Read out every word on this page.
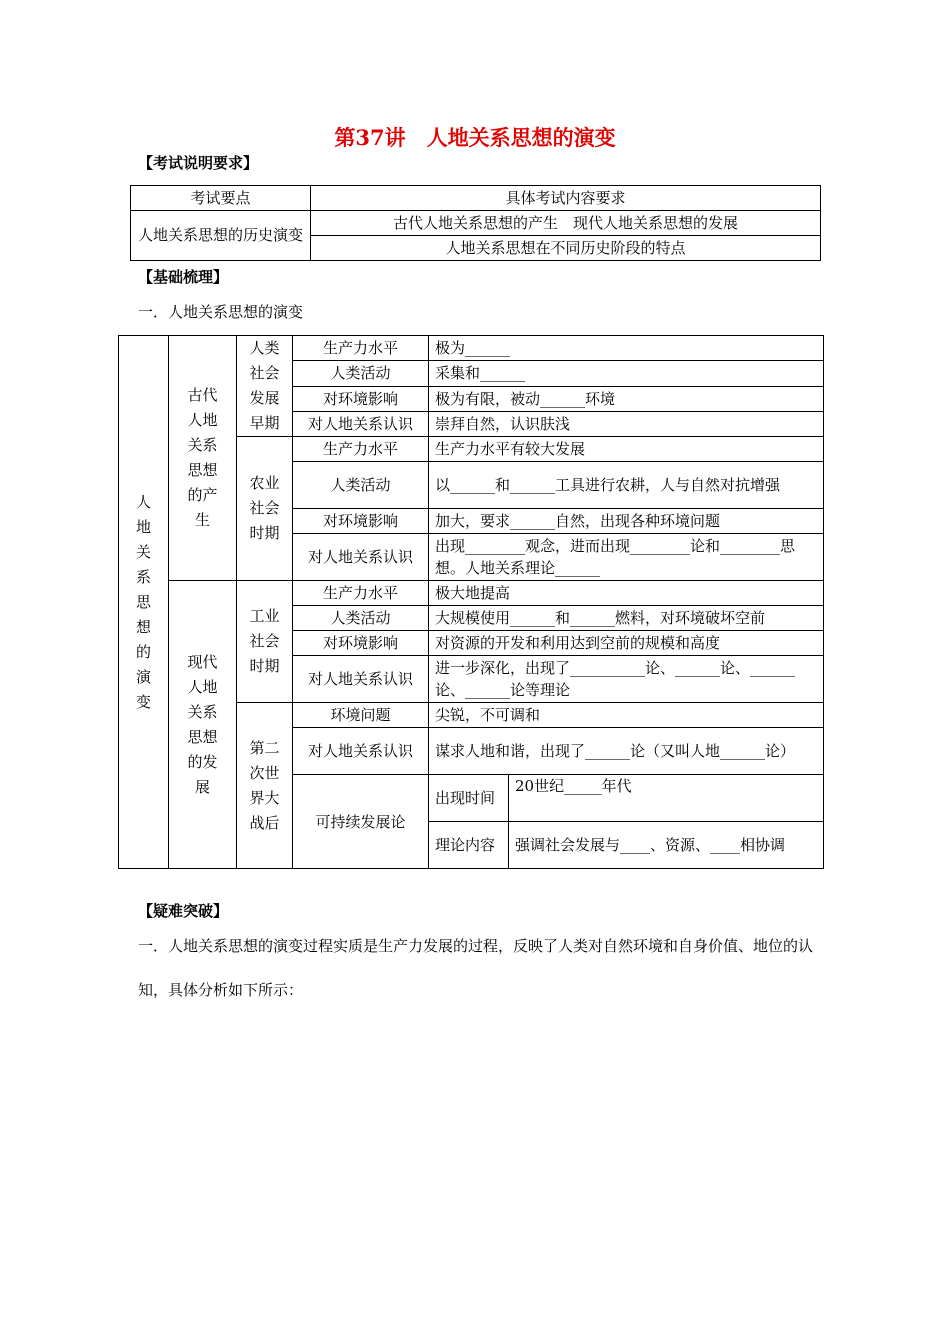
第37讲　人地关系思想的演变
【考试说明要求】
考试要点	具体考试内容要求
人地关系思想的历史演变	古代人地关系思想的产生　现代人地关系思想的发展
	人地关系思想在不同历史阶段的特点
【基础梳理】
一．人地关系思想的演变
人地关系思想的演变	古代人地关系思想的产生	人类社会发展早期	生产力水平	极为______	
			人类活动	采集和______	
			对环境影响	极为有限，被动______环境	
			对人地关系认识	崇拜自然，认识肤浅	

		农业社会时期	生产力水平	生产力水平有较大发展	
			人类活动	以______和______工具进行农耕，人与自然对抗增强	

			对环境影响	加大，要求______自然，出现各种环境问题	
			对人地关系认识	出现________观念，进而出现________论和________思想。人地关系理论______	

	现代人地关系思想的发展	工业社会时期	生产力水平	极大地提高	
			人类活动	大规模使用______和______燃料，对环境破坏空前	
			对环境影响	对资源的开发和利用达到空前的规模和高度	
			对人地关系认识	进一步深化，出现了__________论、______论、______论、______论等理论	

		第二次世界大战后	环境问题	尖锐，不可调和	
			对人地关系认识	谋求人地和谐，出现了______论（又叫人地______论）	

			可持续发展论	出现时间	20世纪_____年代

				理论内容	强调社会发展与____、资源、____相协调

【疑难突破】
一．人地关系思想的演变过程实质是生产力发展的过程，反映了人类对自然环境和自身价值、地位的认知，具体分析如下所示：
